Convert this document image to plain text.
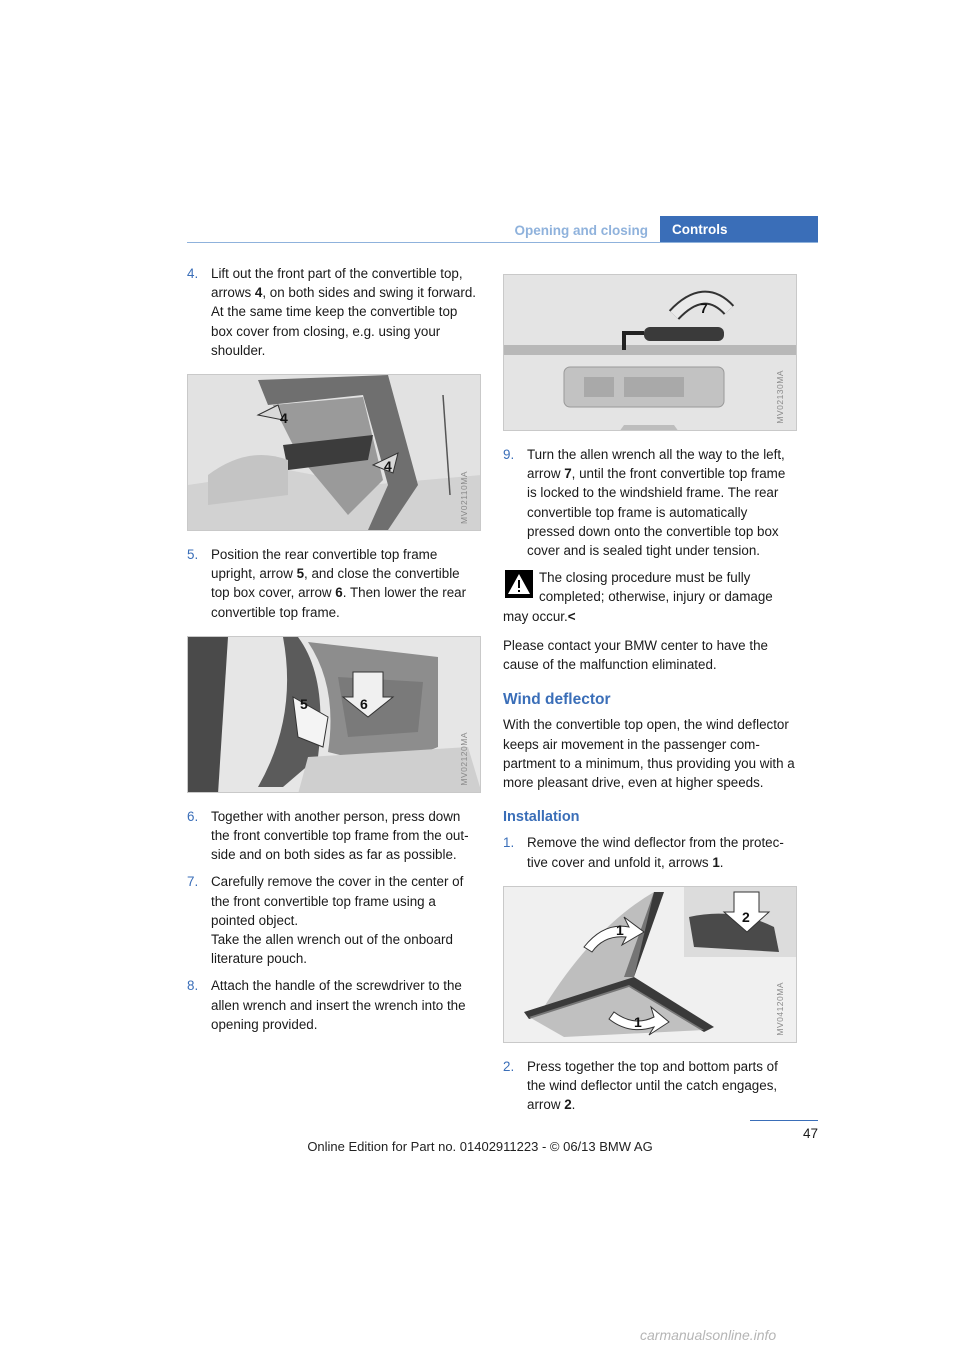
Opening and closing	Controls
4. Lift out the front part of the convertible top, arrows 4, on both sides and swing it forward. At the same time keep the convertible top box cover from closing, e.g. using your shoulder.
4
4
MV02110MA
5. Position the rear convertible top frame upright, arrow 5, and close the convertible top box cover, arrow 6. Then lower the rear convertible top frame.
5	6
MV02120MA
6. Together with another person, press down the front convertible top frame from the outside and on both sides as far as possible.
7. Carefully remove the cover in the center of the front convertible top frame using a pointed object.
Take the allen wrench out of the onboard literature pouch.
8. Attach the handle of the screwdriver to the allen wrench and insert the wrench into the opening provided.
7
MV02130MA
9. Turn the allen wrench all the way to the left, arrow 7, until the front convertible top frame is locked to the windshield frame. The rear convertible top frame is automatically pressed down onto the convertible top box cover and is sealed tight under tension.
The closing procedure must be fully completed; otherwise, injury or damage
may occur.<

Please contact your BMW center to have the cause of the malfunction eliminated.

Wind deflector

With the convertible top open, the wind deflector keeps air movement in the passenger compartment to a minimum, thus providing you with a more pleasant drive, even at higher speeds.

Installation
1. Remove the wind deflector from the protective cover and unfold it, arrows 1.
1
1
2
MV04120MA
2. Press together the top and bottom parts of the wind deflector until the catch engages, arrow 2.
47
Online Edition for Part no. 01402911223 - © 06/13 BMW AG
carmanualsonline.info
